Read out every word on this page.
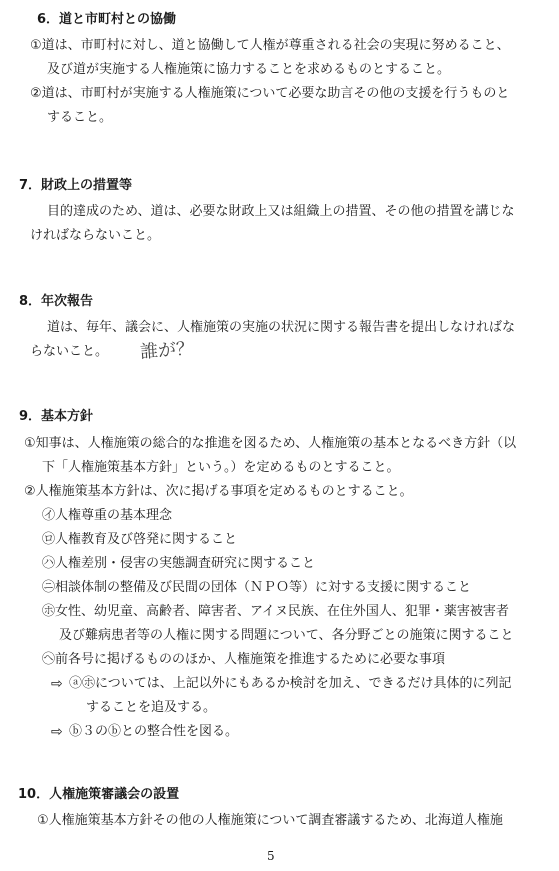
6．道と市町村との協働
①道は、市町村に対し、道と協働して人権が尊重される社会の実現に努めること、
及び道が実施する人権施策に協力することを求めるものとすること。
②道は、市町村が実施する人権施策について必要な助言その他の支援を行うものと
すること。
7．財政上の措置等
目的達成のため、道は、必要な財政上又は組織上の措置、その他の措置を講じな
ければならないこと。
8．年次報告
道は、毎年、議会に、人権施策の実施の状況に関する報告書を提出しなければな
らないこと。 誰が？
9．基本方針
①知事は、人権施策の総合的な推進を図るため、人権施策の基本となるべき方針（以
下「人権施策基本方針」という。）を定めるものとすること。
②人権施策基本方針は、次に掲げる事項を定めるものとすること。
㋑人権尊重の基本理念
㋺人権教育及び啓発に関すること
㋩人権差別・侵害の実態調査研究に関すること
㋥相談体制の整備及び民間の団体（ＮＰＯ等）に対する支援に関すること
㋭女性、幼児童、高齢者、障害者、アイヌ民族、在住外国人、犯罪・薬害被害者
及び難病患者等の人権に関する問題について、各分野ごとの施策に関すること
㋬前各号に掲げるもののほか、人権施策を推進するために必要な事項
⇨ ⓐ㋭については、上記以外にもあるか検討を加え、できるだけ具体的に列記
することを追及する。
⇨ ⓑ３のⓑとの整合性を図る。
10．人権施策審議会の設置
①人権施策基本方針その他の人権施策について調査審議するため、北海道人権施
5
